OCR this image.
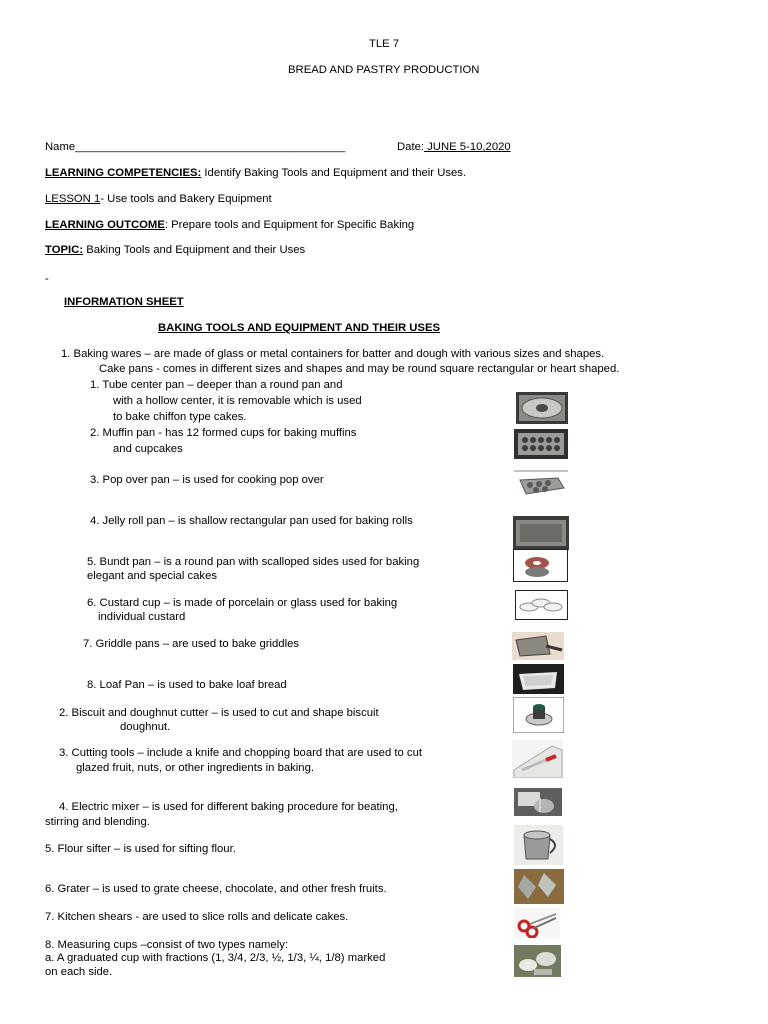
TLE 7
BREAD AND PASTRY PRODUCTION
Name___________________________________________	Date: JUNE 5-10,2020
LEARNING COMPETENCIES: Identify Baking Tools and Equipment and their Uses.
LESSON 1- Use tools and Bakery Equipment
LEARNING OUTCOME: Prepare tools and Equipment for Specific Baking
TOPIC: Baking Tools and Equipment and their Uses
-
INFORMATION SHEET
BAKING TOOLS AND EQUIPMENT AND THEIR USES
1. Baking wares – are made of glass or metal containers for batter and dough with various sizes and shapes.
Cake pans - comes in different sizes and shapes and may be round square rectangular or heart shaped.
1. Tube center pan – deeper than a round pan and
with a hollow center, it is removable which is used
to bake chiffon type cakes.
2. Muffin pan - has 12 formed cups for baking muffins
and cupcakes
3. Pop over pan – is used for cooking pop over
4. Jelly roll pan – is shallow rectangular pan used for baking rolls
5. Bundt pan – is a round pan with scalloped sides used for baking
elegant and special cakes
6. Custard cup – is made of porcelain or glass used for baking
individual custard
7. Griddle pans – are used to bake griddles
8. Loaf Pan – is used to bake loaf bread
2. Biscuit and doughnut cutter – is used to cut and shape biscuit
doughnut.
3. Cutting tools – include a knife and chopping board that are used to cut
glazed fruit, nuts, or other ingredients in baking.
4. Electric mixer – is used for different baking procedure for beating,
stirring and blending.
5. Flour sifter – is used for sifting flour.
6. Grater – is used to grate cheese, chocolate, and other fresh fruits.
7. Kitchen shears - are used to slice rolls and delicate cakes.
8. Measuring cups –consist of two types namely:
a. A graduated cup with fractions (1, 3/4, 2/3, ½, 1/3, ¼, 1/8) marked
on each side.
